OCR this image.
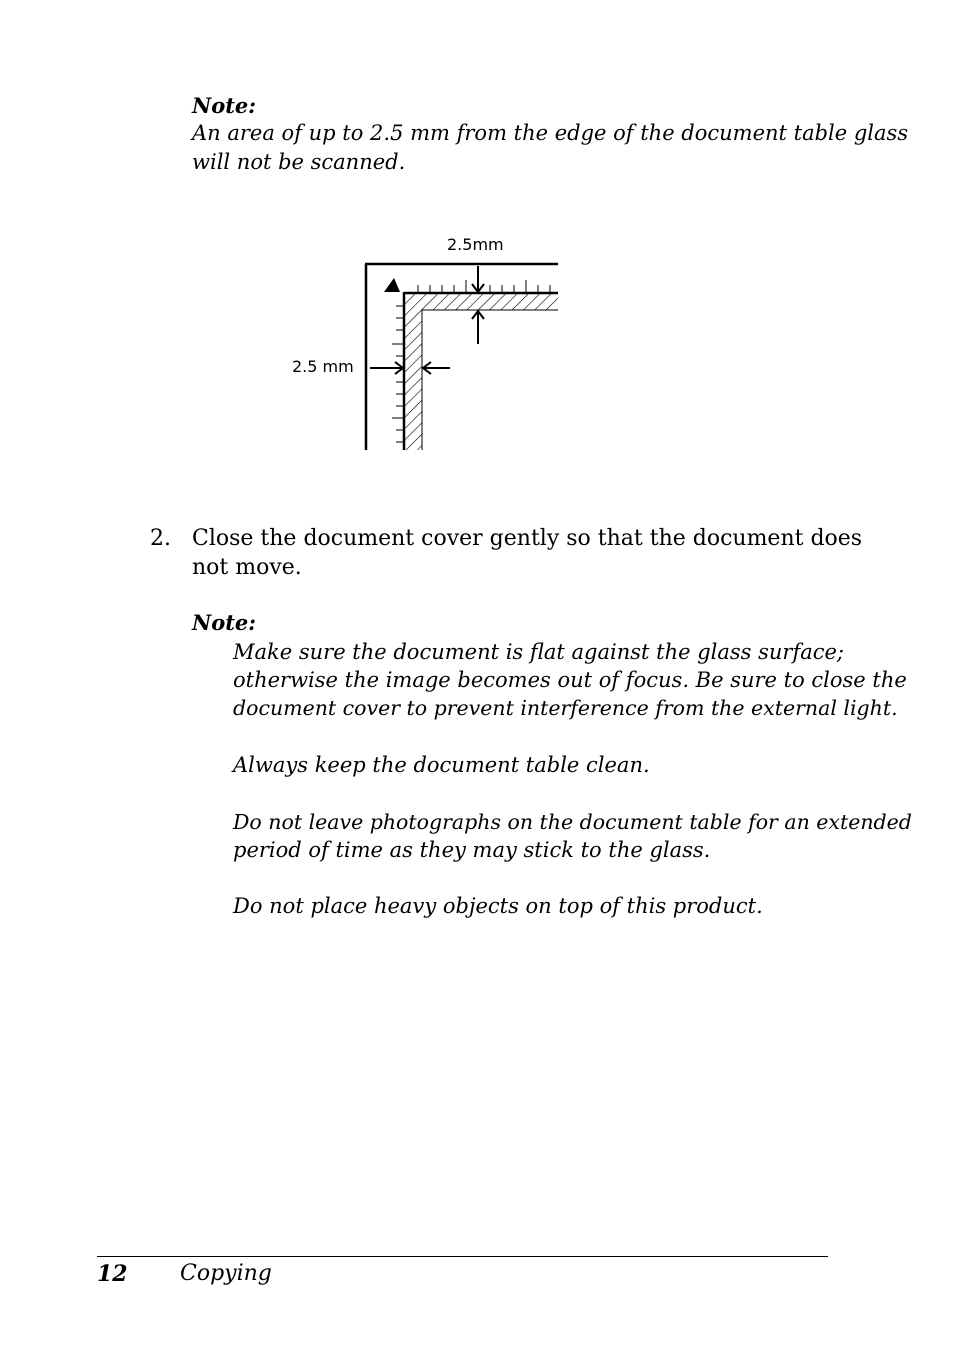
Note:
An area of up to 2.5 mm from the edge of the document table glass
will not be scanned.
2.5mm
2.5 mm
2. Close the document cover gently so that the document does
not move.
Note:
Make sure the document is flat against the glass surface;
otherwise the image becomes out of focus. Be sure to close the
document cover to prevent interference from the external light.
Always keep the document table clean.
Do not leave photographs on the document table for an extended
period of time as they may stick to the glass.
Do not place heavy objects on top of this product.
12 Copying
